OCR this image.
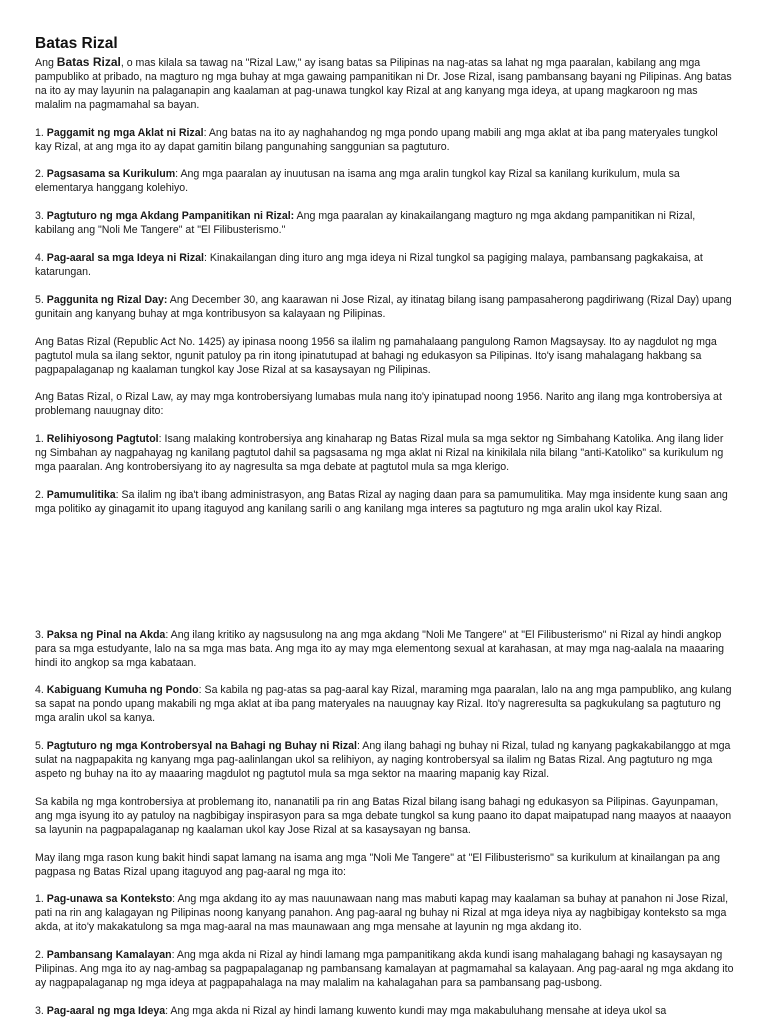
Batas Rizal

Ang Batas Rizal, o mas kilala sa tawag na "Rizal Law," ay isang batas sa Pilipinas na nag-atas sa lahat ng mga paaralan, kabilang ang mga pampubliko at pribado, na magturo ng mga buhay at mga gawaing pampanitikan ni Dr. Jose Rizal, isang pambansang bayani ng Pilipinas. Ang batas na ito ay may layunin na palaganapin ang kaalaman at pag-unawa tungkol kay Rizal at ang kanyang mga ideya, at upang magkaroon ng mas malalim na pagmamahal sa bayan.

1. Paggamit ng mga Aklat ni Rizal: Ang batas na ito ay naghahandog ng mga pondo upang mabili ang mga aklat at iba pang materyales tungkol kay Rizal, at ang mga ito ay dapat gamitin bilang pangunahing sanggunian sa pagtuturo.

2. Pagsasama sa Kurikulum: Ang mga paaralan ay inuutusan na isama ang mga aralin tungkol kay Rizal sa kanilang kurikulum, mula sa elementarya hanggang kolehiyo.

3. Pagtuturo ng mga Akdang Pampanitikan ni Rizal: Ang mga paaralan ay kinakailangang magturo ng mga akdang pampanitikan ni Rizal, kabilang ang "Noli Me Tangere" at "El Filibusterismo."

4. Pag-aaral sa mga Ideya ni Rizal: Kinakailangan ding ituro ang mga ideya ni Rizal tungkol sa pagiging malaya, pambansang pagkakaisa, at katarungan.

5. Paggunita ng Rizal Day: Ang December 30, ang kaarawan ni Jose Rizal, ay itinatag bilang isang pampasaherong pagdiriwang (Rizal Day) upang gunitain ang kanyang buhay at mga kontribusyon sa kalayaan ng Pilipinas.

Ang Batas Rizal (Republic Act No. 1425) ay ipinasa noong 1956 sa ilalim ng pamahalaang pangulong Ramon Magsaysay. Ito ay nagdulot ng mga pagtutol mula sa ilang sektor, ngunit patuloy pa rin itong ipinatutupad at bahagi ng edukasyon sa Pilipinas. Ito'y isang mahalagang hakbang sa pagpapalaganap ng kaalaman tungkol kay Jose Rizal at sa kasaysayan ng Pilipinas.

Ang Batas Rizal, o Rizal Law, ay may mga kontrobersiyang lumabas mula nang ito'y ipinatupad noong 1956. Narito ang ilang mga kontrobersiya at problemang nauugnay dito:

1. Relihiyosong Pagtutol: Isang malaking kontrobersiya ang kinaharap ng Batas Rizal mula sa mga sektor ng Simbahang Katolika. Ang ilang lider ng Simbahan ay nagpahayag ng kanilang pagtutol dahil sa pagsasama ng mga aklat ni Rizal na kinikilala nila bilang "anti-Katoliko" sa kurikulum ng mga paaralan. Ang kontrobersiyang ito ay nagresulta sa mga debate at pagtutol mula sa mga klerigo.

2. Pamumulitika: Sa ilalim ng iba't ibang administrasyon, ang Batas Rizal ay naging daan para sa pamumulitika. May mga insidente kung saan ang mga politiko ay ginagamit ito upang itaguyod ang kanilang sarili o ang kanilang mga interes sa pagtuturo ng mga aralin ukol kay Rizal.

3. Paksa ng Pinal na Akda: Ang ilang kritiko ay nagsusulong na ang mga akdang "Noli Me Tangere" at "El Filibusterismo" ni Rizal ay hindi angkop para sa mga estudyante, lalo na sa mga mas bata. Ang mga ito ay may mga elementong sexual at karahasan, at may mga nag-aalala na maaaring hindi ito angkop sa mga kabataan.

4. Kabiguang Kumuha ng Pondo: Sa kabila ng pag-atas sa pag-aaral kay Rizal, maraming mga paaralan, lalo na ang mga pampubliko, ang kulang sa sapat na pondo upang makabili ng mga aklat at iba pang materyales na nauugnay kay Rizal. Ito'y nagreresulta sa pagkukulang sa pagtuturo ng mga aralin ukol sa kanya.

5. Pagtuturo ng mga Kontrobersyal na Bahagi ng Buhay ni Rizal: Ang ilang bahagi ng buhay ni Rizal, tulad ng kanyang pagkakabilanggo at mga sulat na nagpapakita ng kanyang mga pag-aalinlangan ukol sa relihiyon, ay naging kontrobersyal sa ilalim ng Batas Rizal. Ang pagtuturo ng mga aspeto ng buhay na ito ay maaaring magdulot ng pagtutol mula sa mga sektor na maaring mapanig kay Rizal.

Sa kabila ng mga kontrobersiya at problemang ito, nananatili pa rin ang Batas Rizal bilang isang bahagi ng edukasyon sa Pilipinas. Gayunpaman, ang mga isyung ito ay patuloy na nagbibigay inspirasyon para sa mga debate tungkol sa kung paano ito dapat maipatupad nang maayos at naaayon sa layunin na pagpapalaganap ng kaalaman ukol kay Jose Rizal at sa kasaysayan ng bansa.

May ilang mga rason kung bakit hindi sapat lamang na isama ang mga "Noli Me Tangere" at "El Filibusterismo" sa kurikulum at kinailangan pa ang pagpasa ng Batas Rizal upang itaguyod ang pag-aaral ng mga ito:

1. Pag-unawa sa Konteksto: Ang mga akdang ito ay mas nauunawaan nang mas mabuti kapag may kaalaman sa buhay at panahon ni Jose Rizal, pati na rin ang kalagayan ng Pilipinas noong kanyang panahon. Ang pag-aaral ng buhay ni Rizal at mga ideya niya ay nagbibigay konteksto sa mga akda, at ito'y makakatulong sa mga mag-aaral na mas maunawaan ang mga mensahe at layunin ng mga akdang ito.

2. Pambansang Kamalayan: Ang mga akda ni Rizal ay hindi lamang mga pampanitikang akda kundi isang mahalagang bahagi ng kasaysayan ng Pilipinas. Ang mga ito ay nag-ambag sa pagpapalaganap ng pambansang kamalayan at pagmamahal sa kalayaan. Ang pag-aaral ng mga akdang ito ay nagpapalaganap ng mga ideya at pagpapahalaga na may malalim na kahalagahan para sa pambansang pag-usbong.

3. Pag-aaral ng mga Ideya: Ang mga akda ni Rizal ay hindi lamang kuwento kundi may mga makabuluhang mensahe at ideya ukol sa
